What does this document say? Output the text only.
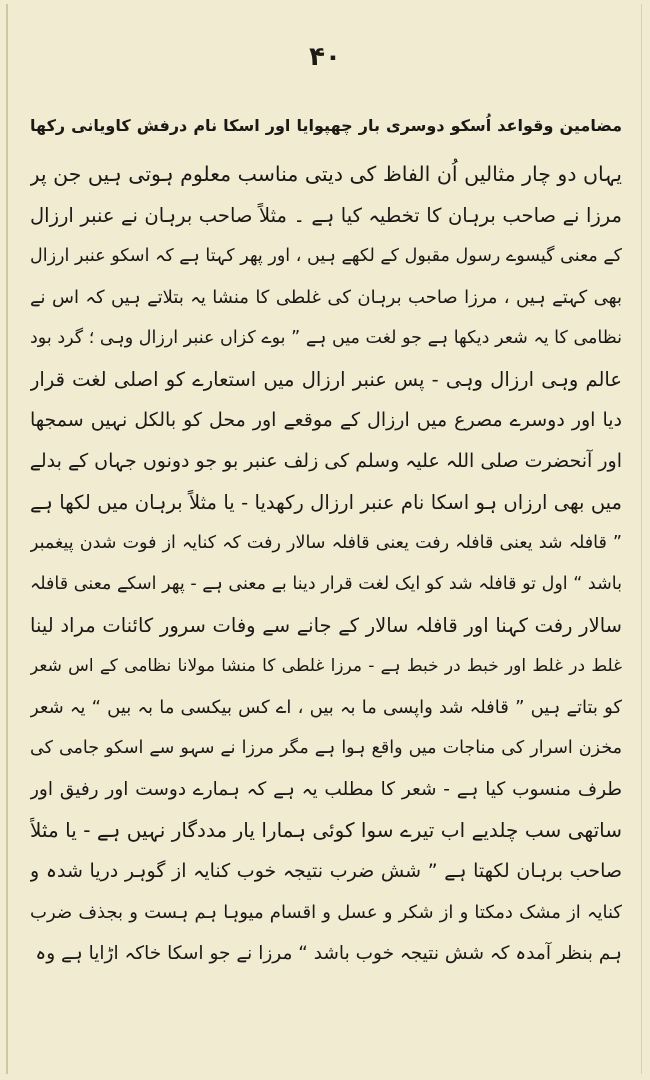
۴۰
مضامین وقواعد اُسکو دوسری بار چھپوایا اور اسکا نام درفش کاویانی رکھا
یہاں دو چار مثالیں اُن الفاظ کی دیتی مناسب معلوم ہوتی ہیں جن پر
مرزا نے صاحب برہان کا تخطیہ کیا ہے ۔ مثلاً صاحب برہان نے عنبر ارزال
کے معنی گیسوے رسول مقبول کے لکھے ہیں ، اور پھر کہتا ہے کہ اسکو عنبر ارزال
بھی کہتے ہیں ، مرزا صاحب برہان کی غلطی کا منشا یہ بتلاتے ہیں کہ اس نے
نظامی کا یہ شعر دیکھا ہے جو لغت میں ہے ” بوے کزاں عنبر ارزال وہی ؛ گرد بود
عالم وہی ارزال وہی - پس عنبر ارزال میں استعارے کو اصلی لغت قرار
دیا اور دوسرے مصرع میں ارزال کے موقعے اور محل کو بالکل نہیں سمجھا
اور آنحضرت صلی اللہ علیہ وسلم کی زلف عنبر بو جو دونوں جہاں کے بدلے
میں بھی ارزاں ہو اسکا نام عنبر ارزال رکھدیا - یا مثلاً برہان میں لکھا ہے
” قافلہ شد یعنی قافلہ رفت یعنی قافلہ سالار رفت کہ کنایہ از فوت شدن پیغمبر
باشد “ اول تو قافلہ شد کو ایک لغت قرار دینا بے معنی ہے - پھر اسکے معنی قافلہ
سالار رفت کہنا اور قافلہ سالار کے جانے سے وفات سرور کائنات مراد لینا
غلط در غلط اور خبط در خبط ہے - مرزا غلطی کا منشا مولانا نظامی کے اس شعر
کو بتاتے ہیں ” قافلہ شد واپسی ما بہ بیں ، اے کس بیکسی ما بہ بیں “ یہ شعر
مخزن اسرار کی مناجات میں واقع ہوا ہے مگر مرزا نے سہو سے اسکو جامی کی
طرف منسوب کیا ہے - شعر کا مطلب یہ ہے کہ ہمارے دوست اور رفیق اور
ساتھی سب چلدیے اب تیرے سوا کوئی ہمارا یار مددگار نہیں ہے - یا مثلاً
صاحب برہان لکھتا ہے ” شش ضرب نتیجہ خوب کنایہ از گوہر دریا شدہ و
کنایہ از مشک دمکتا و از شکر و عسل و اقسام میوہا ہم ہست و بجذف ضرب
ہم بنظر آمدہ کہ شش نتیجہ خوب باشد “ مرزا نے جو اسکا خاکہ اڑایا ہے وہ
